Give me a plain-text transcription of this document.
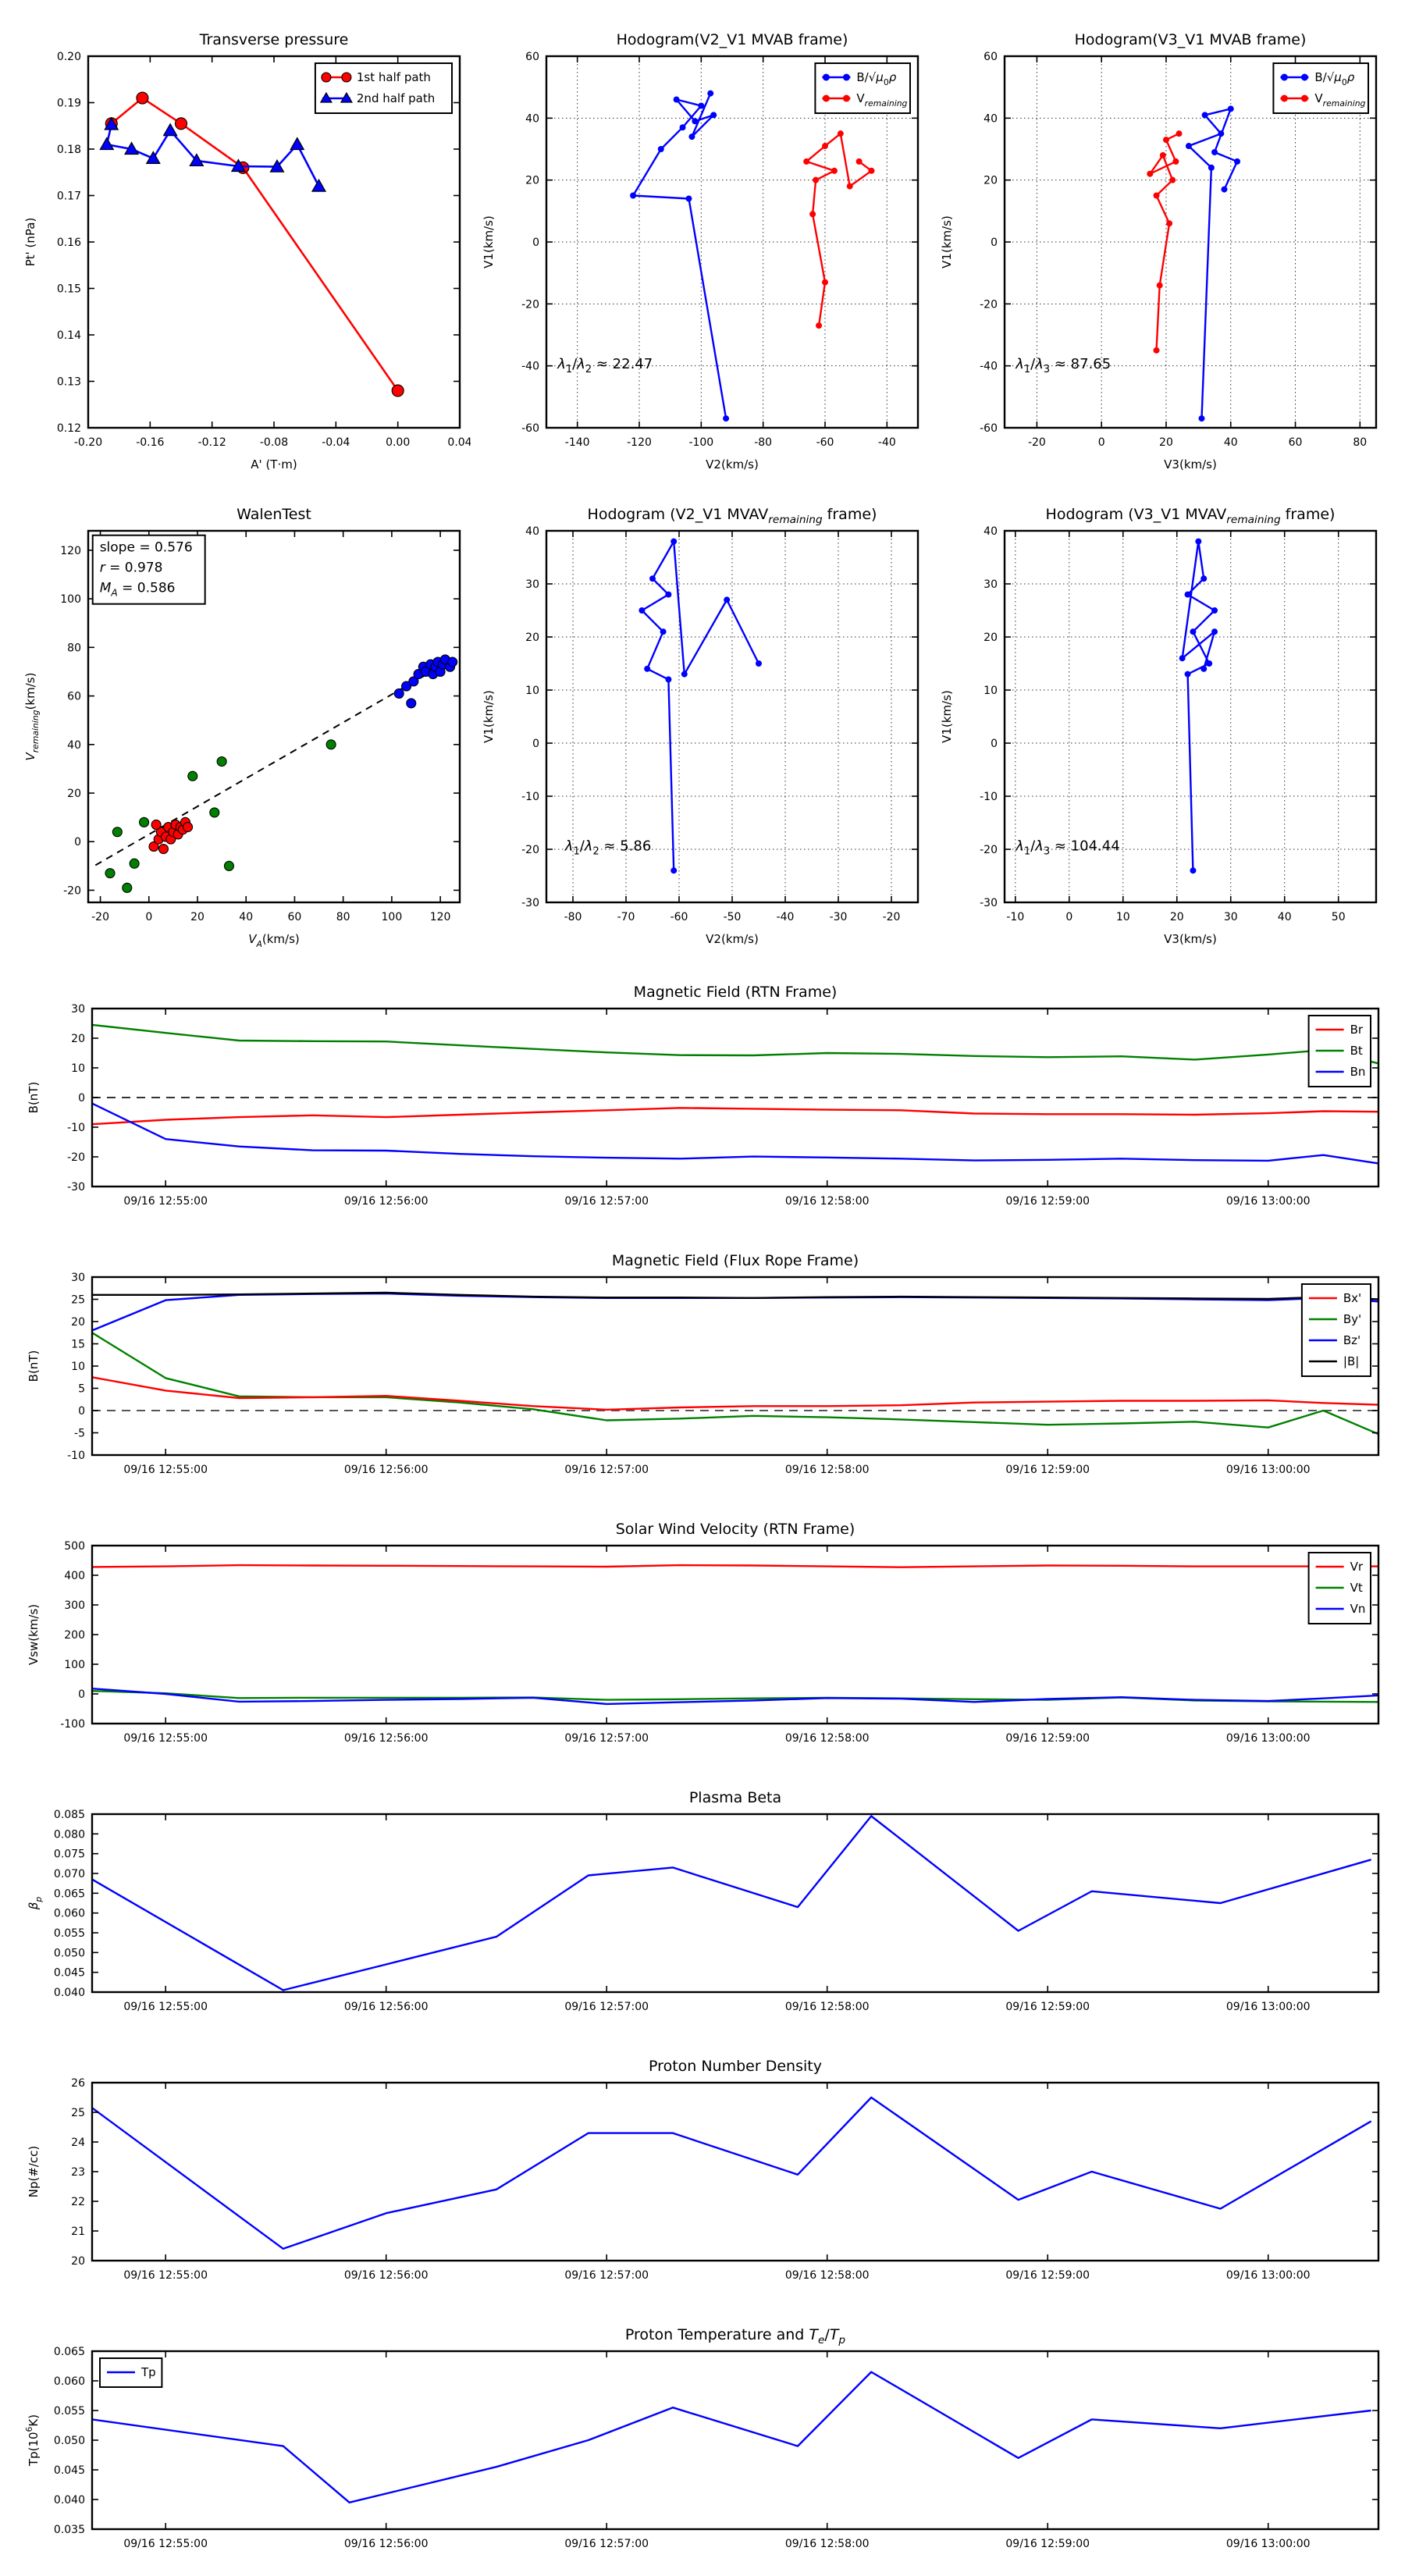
-0.20	-0.16	-0.12	-0.08	-0.04	0.00	0.04
0.12
0.13
0.14
0.15
0.16
0.17
0.18
0.19
0.20
Transverse pressure
A' (T·m)
Pt' (nPa)
1st half path
2nd half path
-140	-120	-100	-80	-60	-40
-60
-40
-20
0
20
40
60
Hodogram(V2_V1 MVAB frame)
V2(km/s)
V1(km/s)
$\lambda_1/\lambda_2 \approx 22.47$
$B/√\mu_0\rho$
$V_{remaining}$
-20	0	20	40	60	80
-60
-40
-20
0
20
40
60
Hodogram(V3_V1 MVAB frame)
V3(km/s)
V1(km/s)
$\lambda_1/\lambda_3 \approx 87.65$
$B/√\mu_0\rho$
$V_{remaining}$
-20	0	20	40	60	80	100	120
-20
0
20
40
60
80
100
120
WalenTest
$V_A(km/s)$
$V_{remaining}(km/s)$
slope = 0.576
r = 0.978
$M_A = 0.586$
-80	-70	-60	-50	-40	-30	-20
-30
-20
-10
0
10
20
30
40
Hodogram (V2_V1 $MVAV_{remaining}$ frame)
V2(km/s)
V1(km/s)
$\lambda_1/\lambda_2 \approx 5.86$
-10	0	10	20	30	40	50
-30
-20
-10
0
10
20
30
40
Hodogram (V3_V1 $MVAV_{remaining}$ frame)
V3(km/s)
V1(km/s)
$\lambda_1/\lambda_3 \approx 104.44$
09/16 12:55:00	09/16 12:56:00	09/16 12:57:00	09/16 12:58:00	09/16 12:59:00	09/16 13:00:00
-30
-20
-10
0
10
20
30
Magnetic Field (RTN Frame)
B(nT)
Br
Bt
Bn
09/16 12:55:00	09/16 12:56:00	09/16 12:57:00	09/16 12:58:00	09/16 12:59:00	09/16 13:00:00
-10
-5
0
5
10
15
20
25
30
Magnetic Field (Flux Rope Frame)
B(nT)
Bx'
By'
Bz'
|B|
09/16 12:55:00	09/16 12:56:00	09/16 12:57:00	09/16 12:58:00	09/16 12:59:00	09/16 13:00:00
-100
0
100
200
300
400
500
Solar Wind Velocity (RTN Frame)
Vsw(km/s)
Vr
Vt
Vn
09/16 12:55:00	09/16 12:56:00	09/16 12:57:00	09/16 12:58:00	09/16 12:59:00	09/16 13:00:00
0.040
0.045
0.050
0.055
0.060
0.065
0.070
0.075
0.080
0.085
Plasma Beta
$\beta_p$
09/16 12:55:00	09/16 12:56:00	09/16 12:57:00	09/16 12:58:00	09/16 12:59:00	09/16 13:00:00
20
21
22
23
24
25
26
Proton Number Density
Np(#/cc)
09/16 12:55:00	09/16 12:56:00	09/16 12:57:00	09/16 12:58:00	09/16 12:59:00	09/16 13:00:00
0.035
0.040
0.045
0.050
0.055
0.060
0.065
Proton Temperature and $T_e/T_p$
$Tp(10^6K)$
Tp
